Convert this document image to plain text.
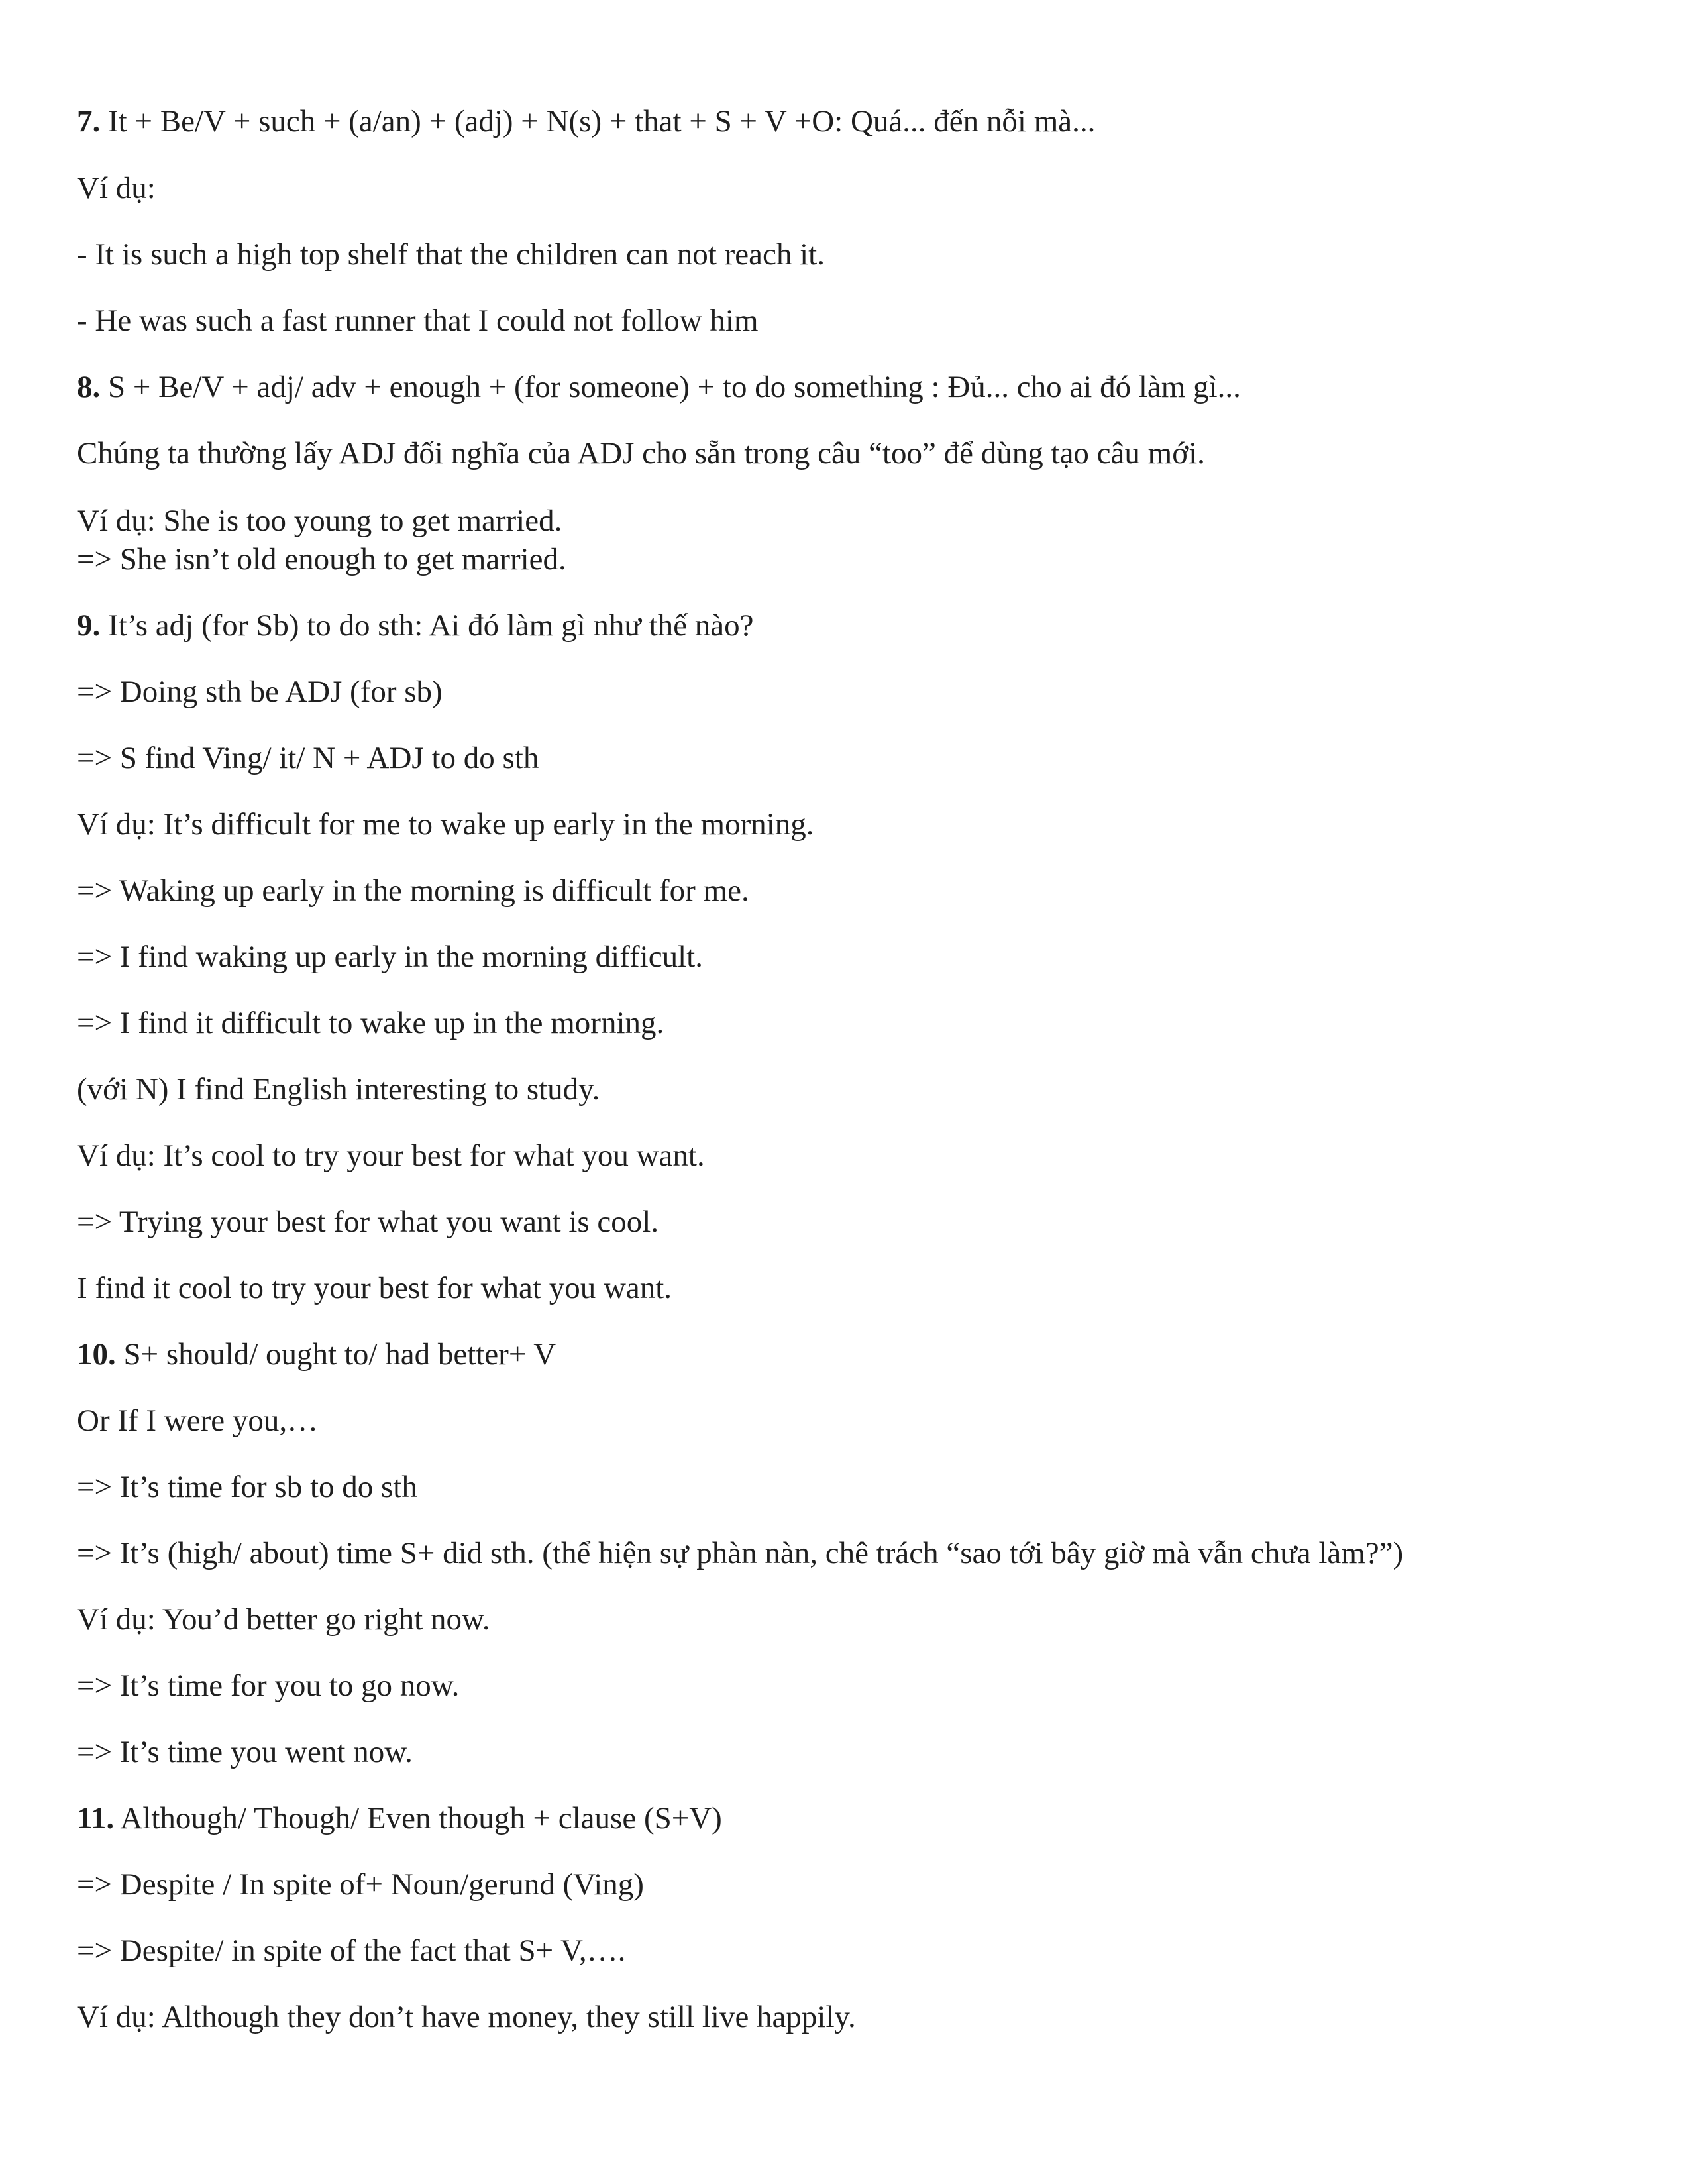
7. It + Be/V + such + (a/an) + (adj) + N(s) + that + S + V +O: Quá... đến nỗi mà...
Ví dụ:
- It is such a high top shelf that the children can not reach it.
- He was such a fast runner that I could not follow him
8. S + Be/V + adj/ adv + enough + (for someone) + to do something : Đủ... cho ai đó làm gì...
Chúng ta thường lấy ADJ đối nghĩa của ADJ cho sẵn trong câu “too” để dùng tạo câu mới.
Ví dụ: She is too young to get married.
=> She isn’t old enough to get married.
9. It’s adj (for Sb) to do sth: Ai đó làm gì như thế nào?
=> Doing sth be ADJ (for sb)
=> S find Ving/ it/ N + ADJ to do sth
Ví dụ: It’s difficult for me to wake up early in the morning.
=> Waking up early in the morning is difficult for me.
=> I find waking up early in the morning difficult.
=> I find it difficult to wake up in the morning.
(với N) I find English interesting to study.
Ví dụ: It’s cool to try your best for what you want.
=> Trying your best for what you want is cool.
I find it cool to try your best for what you want.
10. S+ should/ ought to/ had better+ V
Or If I were you,…
=> It’s time for sb to do sth
=> It’s (high/ about) time S+ did sth. (thể hiện sự phàn nàn, chê trách “sao tới bây giờ mà vẫn chưa làm?”)
Ví dụ: You’d better go right now.
=> It’s time for you to go now.
=> It’s time you went now.
11. Although/ Though/ Even though + clause (S+V)
=> Despite / In spite of+ Noun/gerund (Ving)
=> Despite/ in spite of the fact that S+ V,….
Ví dụ: Although they don’t have money, they still live happily.
